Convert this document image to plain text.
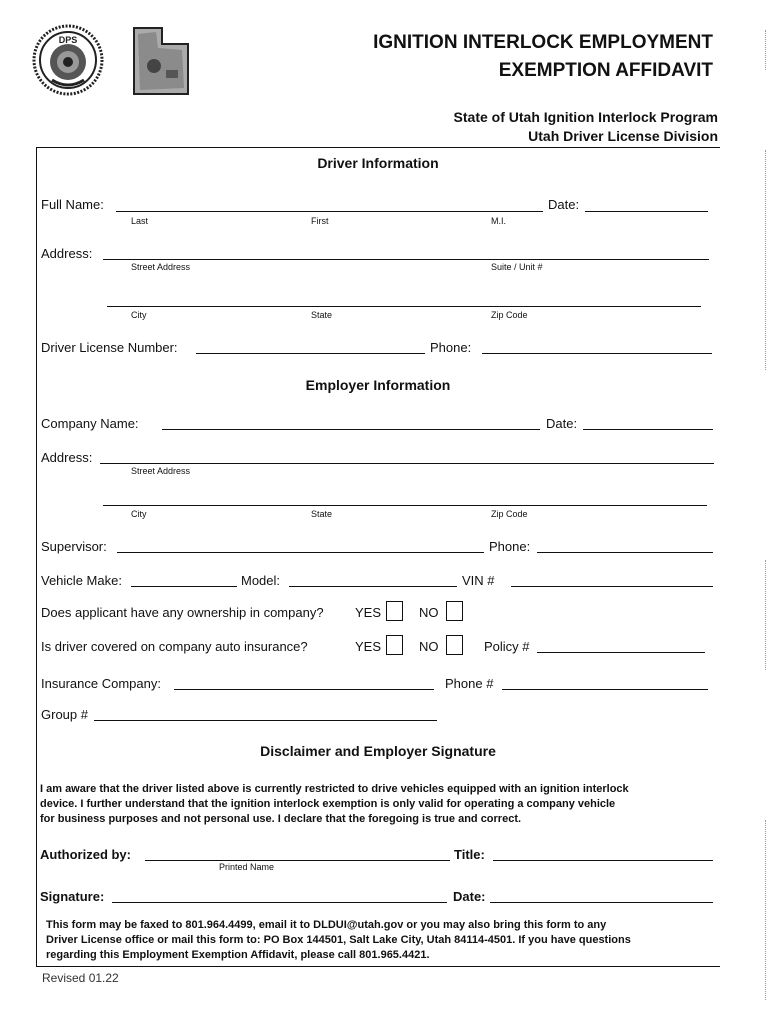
DPS	IGNITION INTERLOCK EMPLOYMENT
EXEMPTION AFFIDAVIT
State of Utah Ignition Interlock Program
Utah Driver License Division
Driver Information
Full Name:	Date:
Last	First	M.I.
Address:
Street Address	Suite / Unit #
City	State	Zip Code
Driver License Number:	Phone:
Employer Information
Company Name:	Date:
Address:
Street Address
City	State	Zip Code
Supervisor:	Phone:
Vehicle Make:	Model:	VIN #
Does applicant have any ownership in company? YES	NO
Is driver covered on company auto insurance?	YES	NO	Policy #
Insurance Company:	Phone #
Group #
Disclaimer and Employer Signature
I am aware that the driver listed above is currently restricted to drive vehicles equipped with an ignition interlock
device. I further understand that the ignition interlock exemption is only valid for operating a company vehicle
for business purposes and not personal use. I declare that the foregoing is true and correct.
Authorized by:
Printed Name
Title:
Signature:	Date:
This form may be faxed to 801.964.4499, email it to DLDUI@utah.gov or you may also bring this form to any
Driver License office or mail this form to: PO Box 144501, Salt Lake City, Utah 84114-4501. If you have questions
regarding this Employment Exemption Affidavit, please call 801.965.4421.
Revised 01.22
